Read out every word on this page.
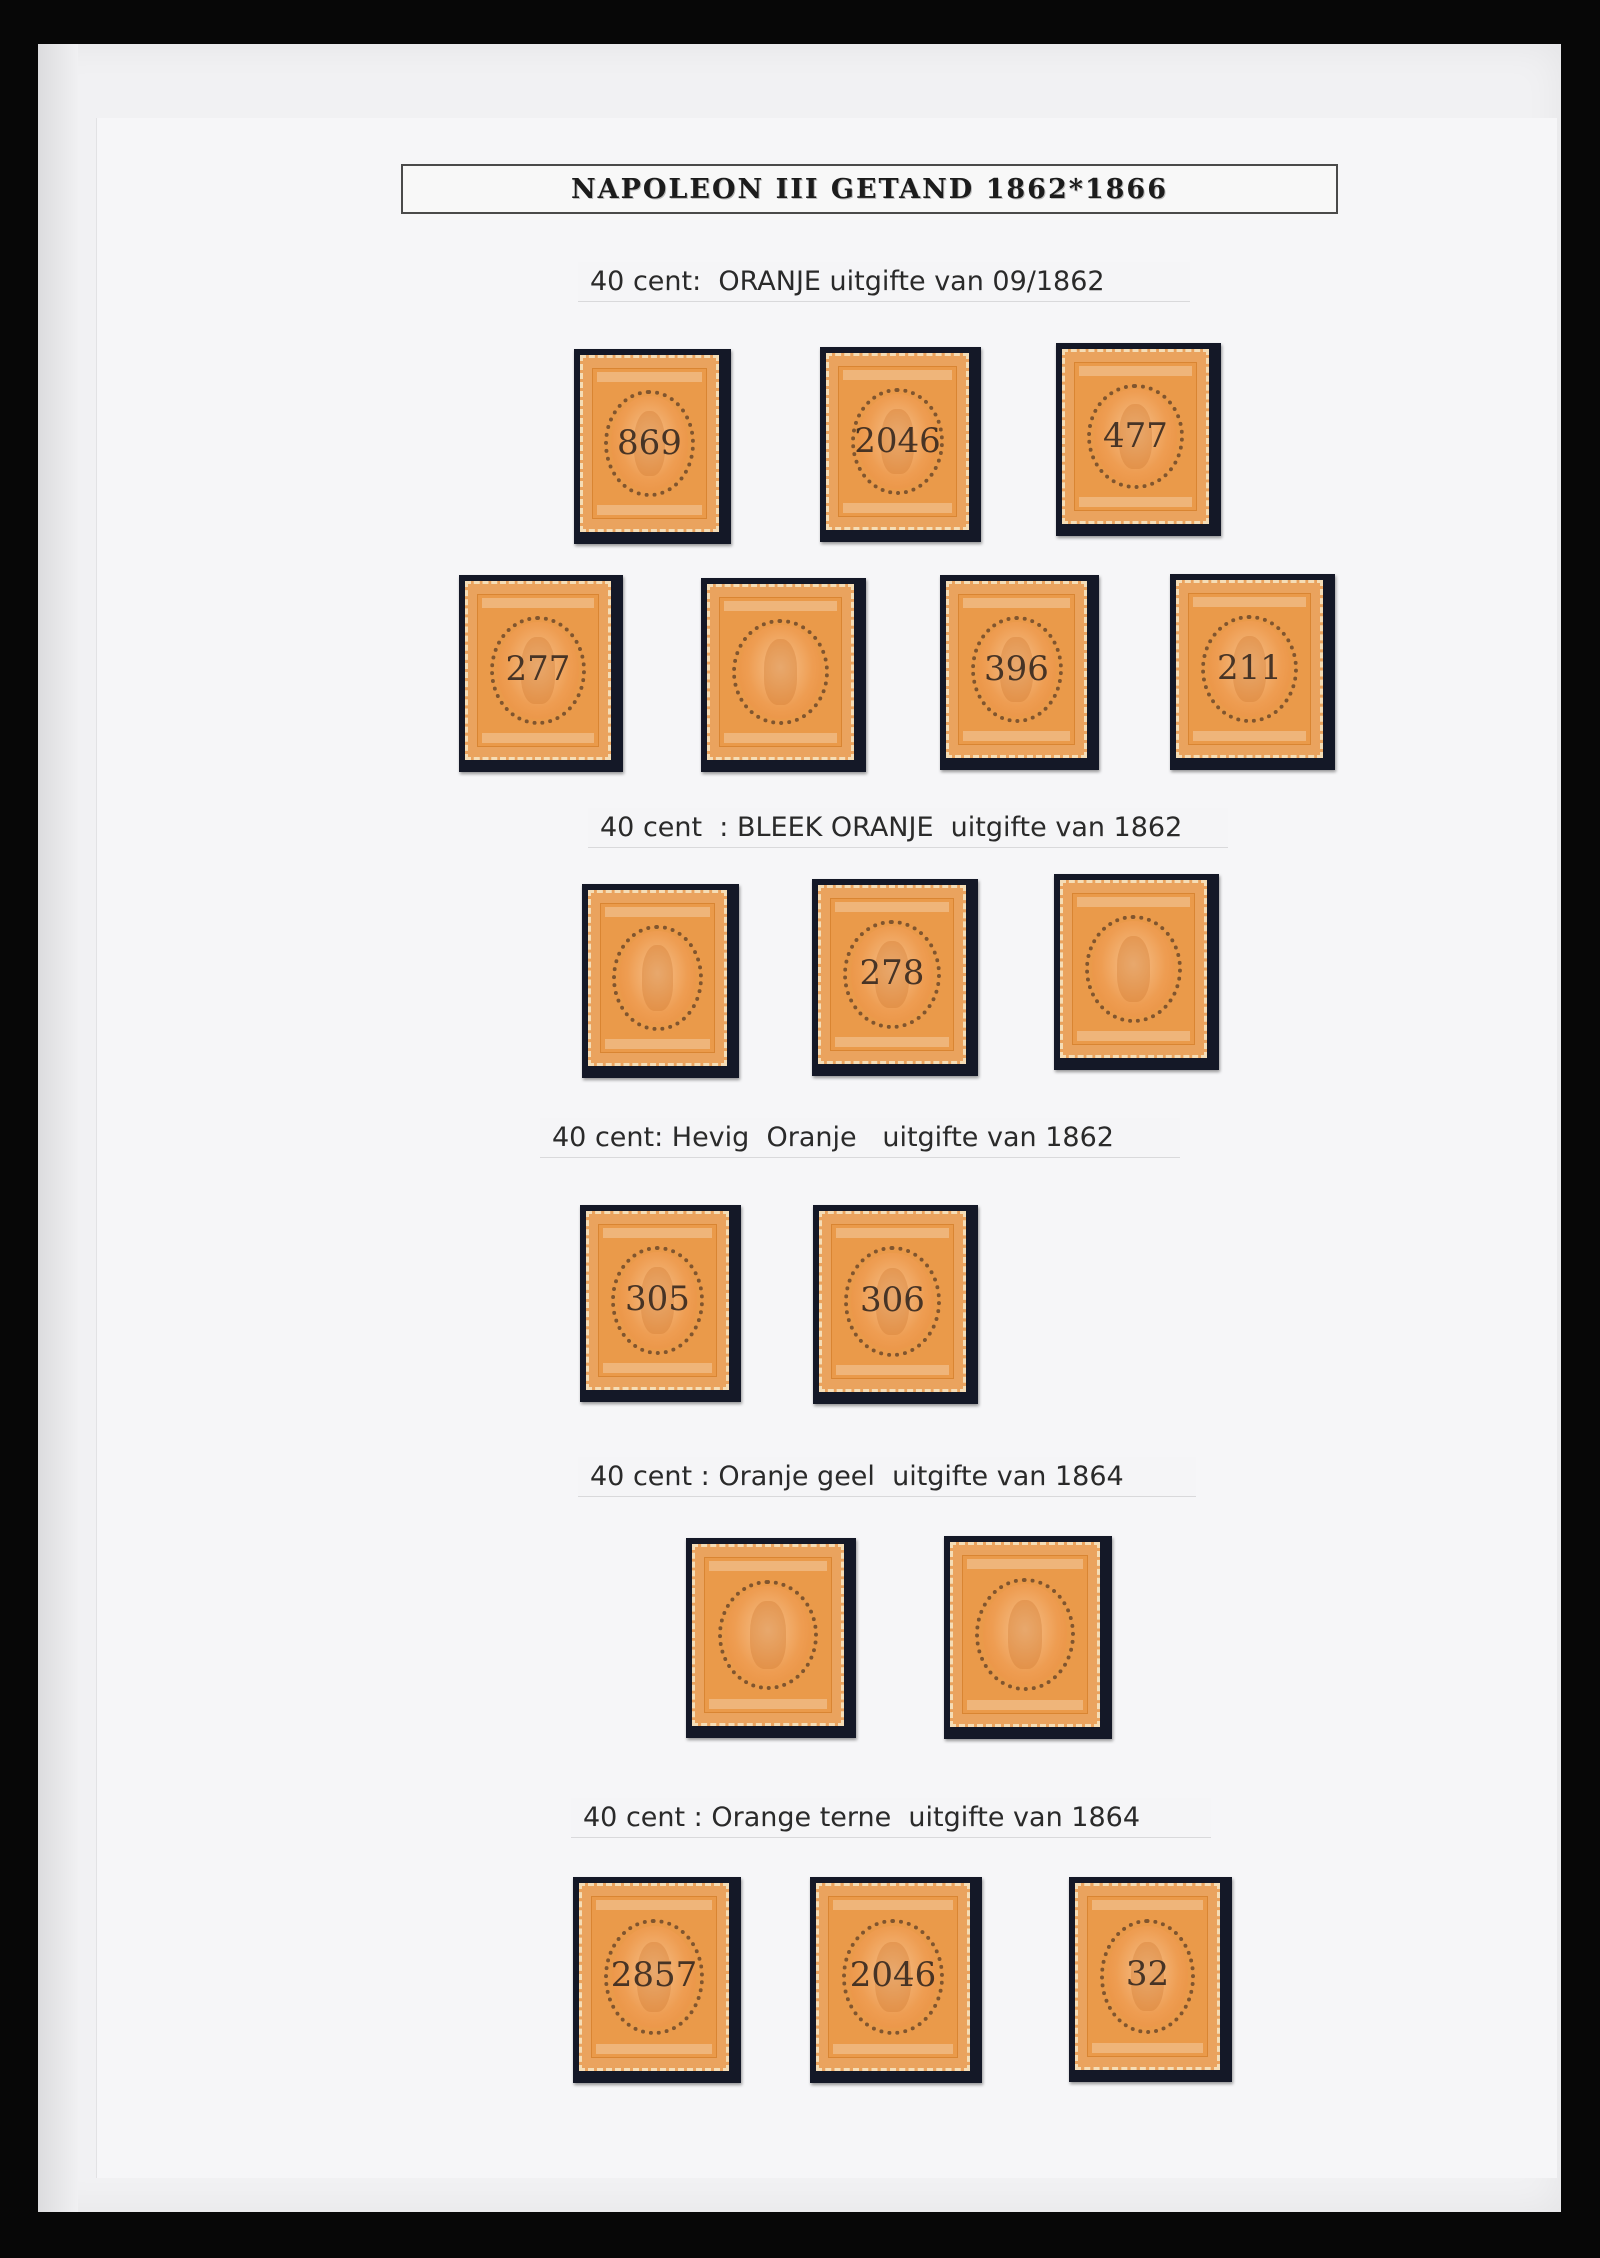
NAPOLEON III GETAND 1862*1866
40 cent:  ORANJE uitgifte van 09/1862
869	2046	477
277	396	211
40 cent  : BLEEK ORANJE  uitgifte van 1862
278
40 cent: Hevig  Oranje   uitgifte van 1862
305	306
40 cent : Oranje geel  uitgifte van 1864
40 cent : Orange terne  uitgifte van 1864
2857	2046	32
